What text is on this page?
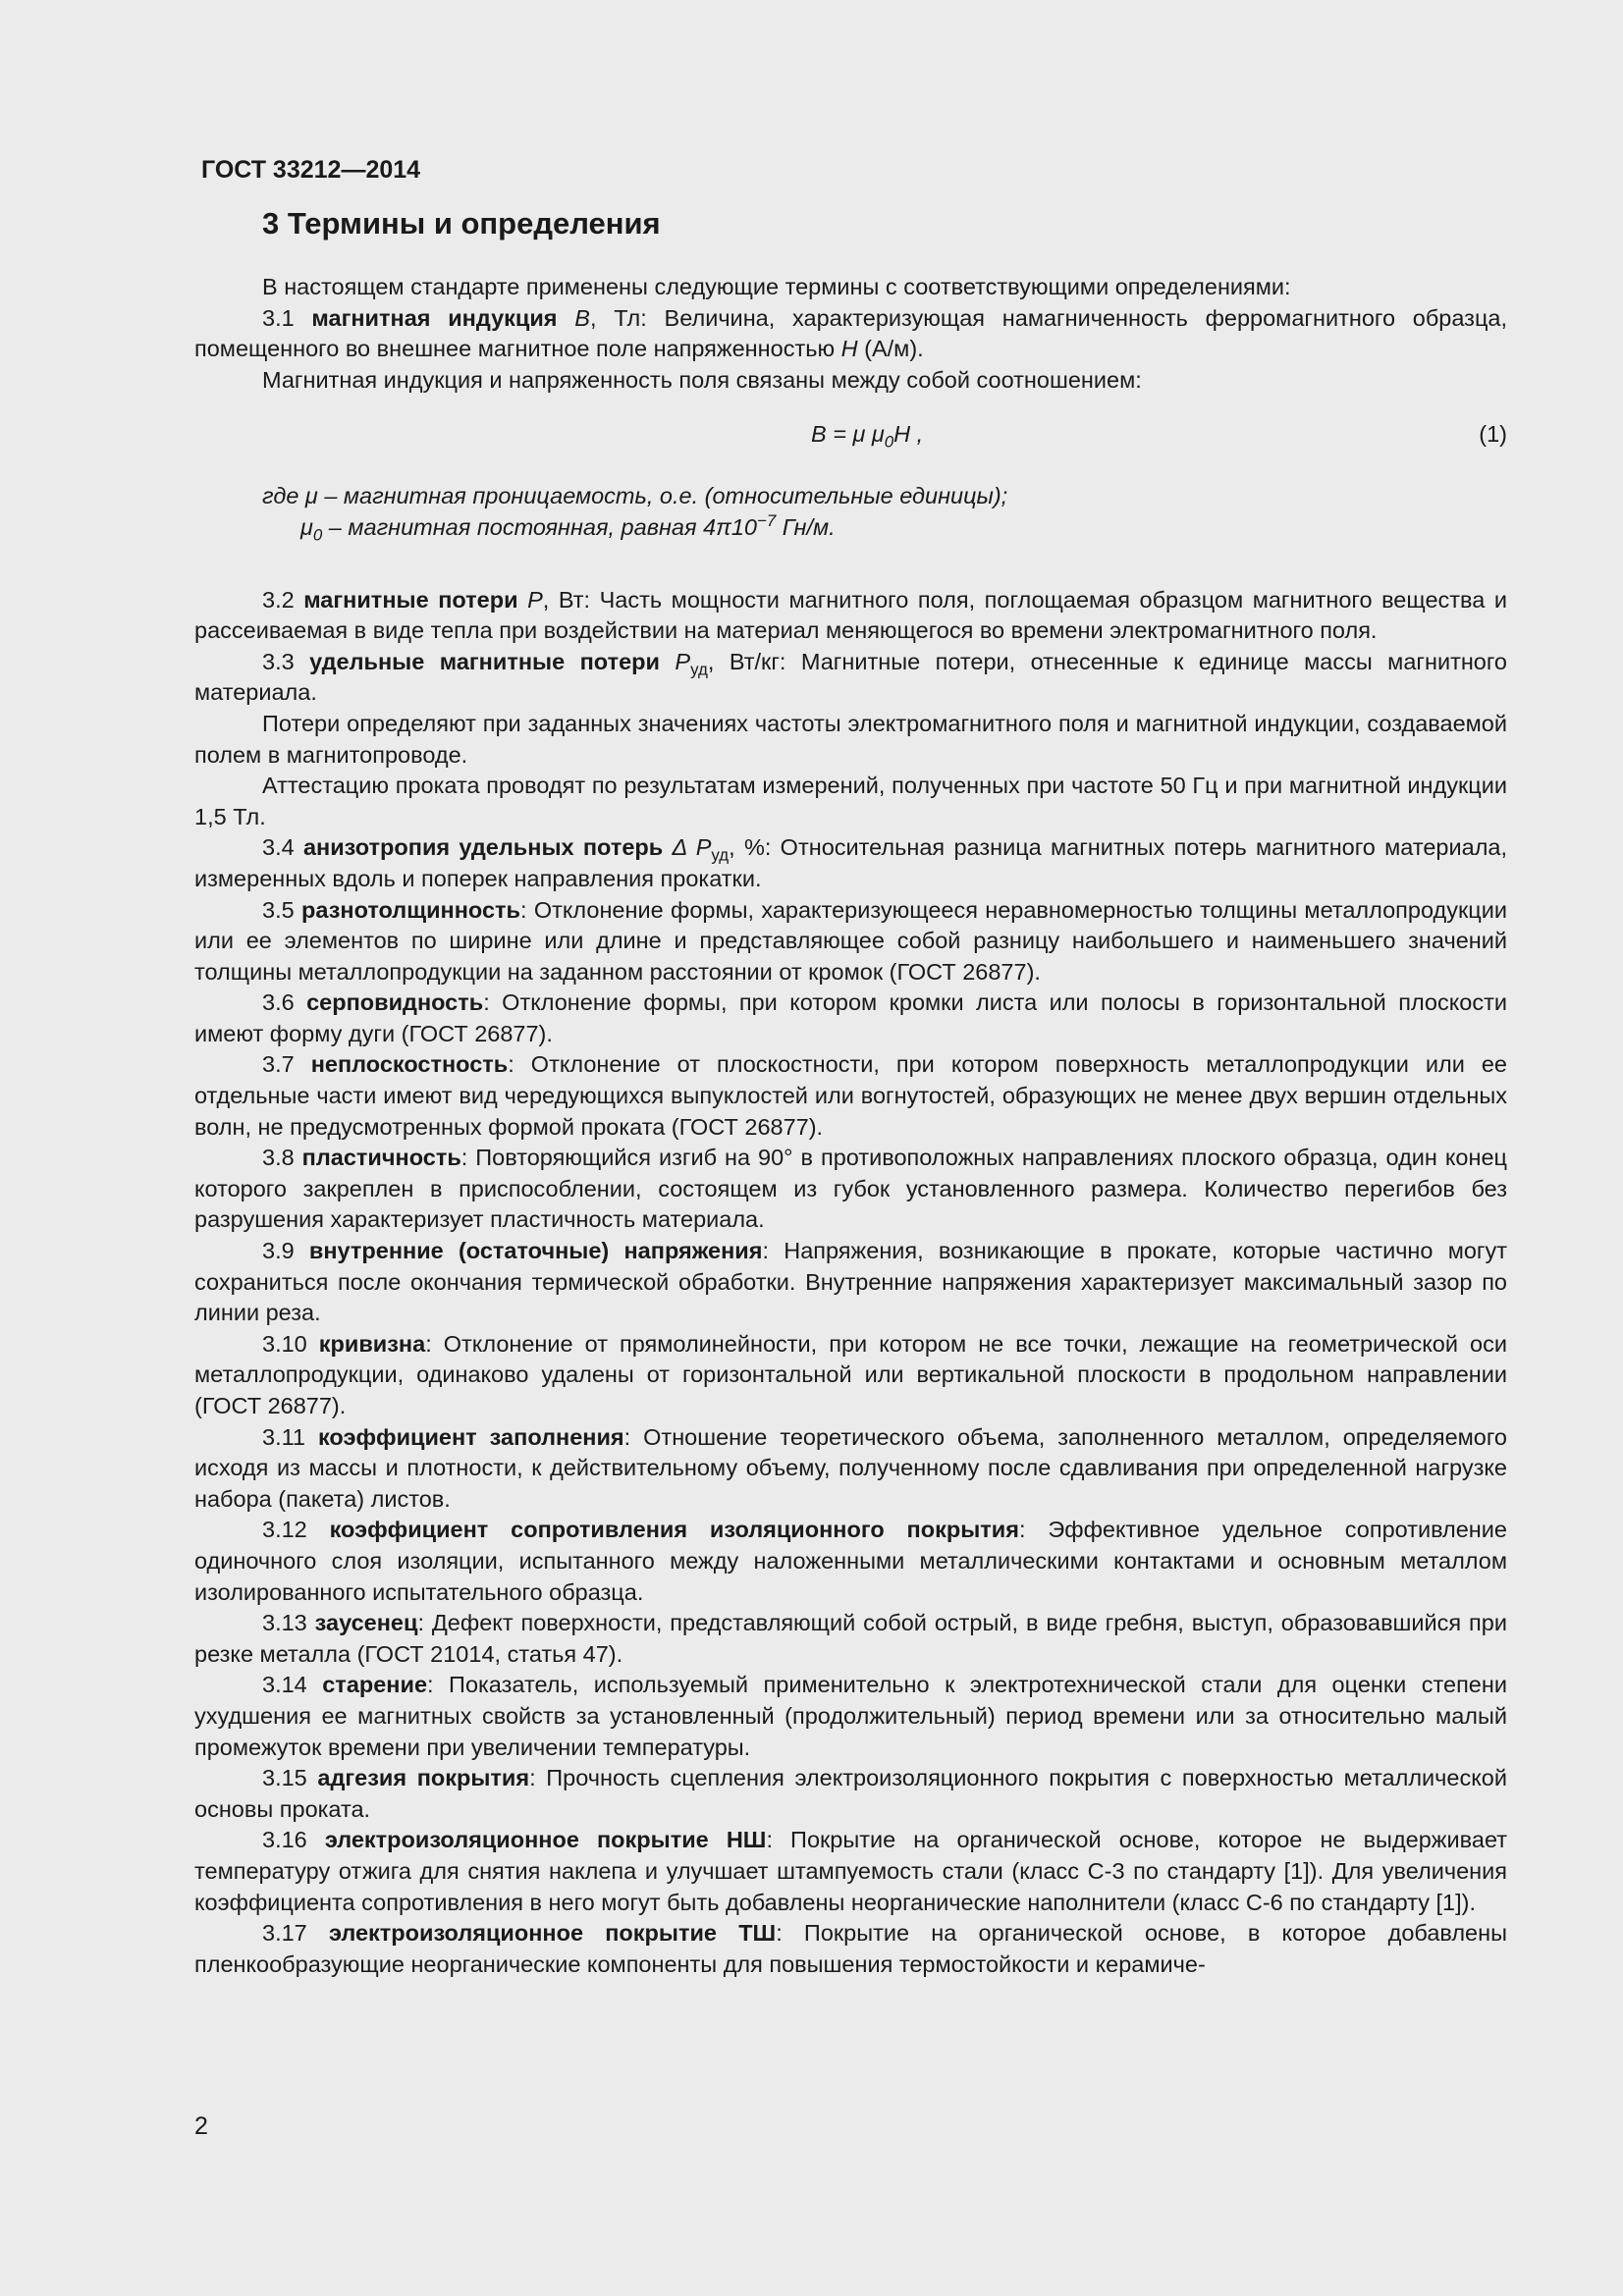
ГОСТ 33212—2014
3 Термины и определения

В настоящем стандарте применены следующие термины с соответствующими определениями:

3.1 магнитная индукция B, Тл: Величина, характеризующая намагниченность ферромагнитного образца, помещенного во внешнее магнитное поле напряженностью H (А/м).

Магнитная индукция и напряженность поля связаны между собой соотношением:

B = μ $\mu_0H$ ,	(1)
где μ – магнитная проницаемость, о.е. (относительные единицы);
$\mu_0$ – магнитная постоянная, равная $4\pi 10^{-7}$ Гн/м.

3.2 магнитные потери P, Вт: Часть мощности магнитного поля, поглощаемая образцом магнитного вещества и рассеиваемая в виде тепла при воздействии на материал меняющегося во времени электромагнитного поля.

3.3 удельные магнитные потери $P_{уд}$, Вт/кг: Магнитные потери, отнесенные к единице массы магнитного материала.

Потери определяют при заданных значениях частоты электромагнитного поля и магнитной индукции, создаваемой полем в магнитопроводе.

Аттестацию проката проводят по результатам измерений, полученных при частоте 50 Гц и при магнитной индукции 1,5 Тл.

3.4 анизотропия удельных потерь Δ $P_{уд}$, %: Относительная разница магнитных потерь магнитного материала, измеренных вдоль и поперек направления прокатки.

3.5 разнотолщинность: Отклонение формы, характеризующееся неравномерностью толщины металлопродукции или ее элементов по ширине или длине и представляющее собой разницу наибольшего и наименьшего значений толщины металлопродукции на заданном расстоянии от кромок (ГОСТ 26877).

3.6 серповидность: Отклонение формы, при котором кромки листа или полосы в горизонтальной плоскости имеют форму дуги (ГОСТ 26877).

3.7 неплоскостность: Отклонение от плоскостности, при котором поверхность металлопродукции или ее отдельные части имеют вид чередующихся выпуклостей или вогнутостей, образующих не менее двух вершин отдельных волн, не предусмотренных формой проката (ГОСТ 26877).

3.8 пластичность: Повторяющийся изгиб на 90° в противоположных направлениях плоского образца, один конец которого закреплен в приспособлении, состоящем из губок установленного размера. Количество перегибов без разрушения характеризует пластичность материала.

3.9 внутренние (остаточные) напряжения: Напряжения, возникающие в прокате, которые частично могут сохраниться после окончания термической обработки. Внутренние напряжения характеризует максимальный зазор по линии реза.

3.10 кривизна: Отклонение от прямолинейности, при котором не все точки, лежащие на геометрической оси металлопродукции, одинаково удалены от горизонтальной или вертикальной плоскости в продольном направлении (ГОСТ 26877).

3.11 коэффициент заполнения: Отношение теоретического объема, заполненного металлом, определяемого исходя из массы и плотности, к действительному объему, полученному после сдавливания при определенной нагрузке набора (пакета) листов.

3.12 коэффициент сопротивления изоляционного покрытия: Эффективное удельное сопротивление одиночного слоя изоляции, испытанного между наложенными металлическими контактами и основным металлом изолированного испытательного образца.

3.13 заусенец: Дефект поверхности, представляющий собой острый, в виде гребня, выступ, образовавшийся при резке металла (ГОСТ 21014, статья 47).

3.14 старение: Показатель, используемый применительно к электротехнической стали для оценки степени ухудшения ее магнитных свойств за установленный (продолжительный) период времени или за относительно малый промежуток времени при увеличении температуры.

3.15 адгезия покрытия: Прочность сцепления электроизоляционного покрытия с поверхностью металлической основы проката.

3.16 электроизоляционное покрытие НШ: Покрытие на органической основе, которое не выдерживает температуру отжига для снятия наклепа и улучшает штампуемость стали (класс С-3 по стандарту [1]). Для увеличения коэффициента сопротивления в него могут быть добавлены неорганические наполнители (класс С-6 по стандарту [1]).

3.17 электроизоляционное покрытие ТШ: Покрытие на органической основе, в которое добавлены пленкообразующие неорганические компоненты для повышения термостойкости и керамиче-

2
